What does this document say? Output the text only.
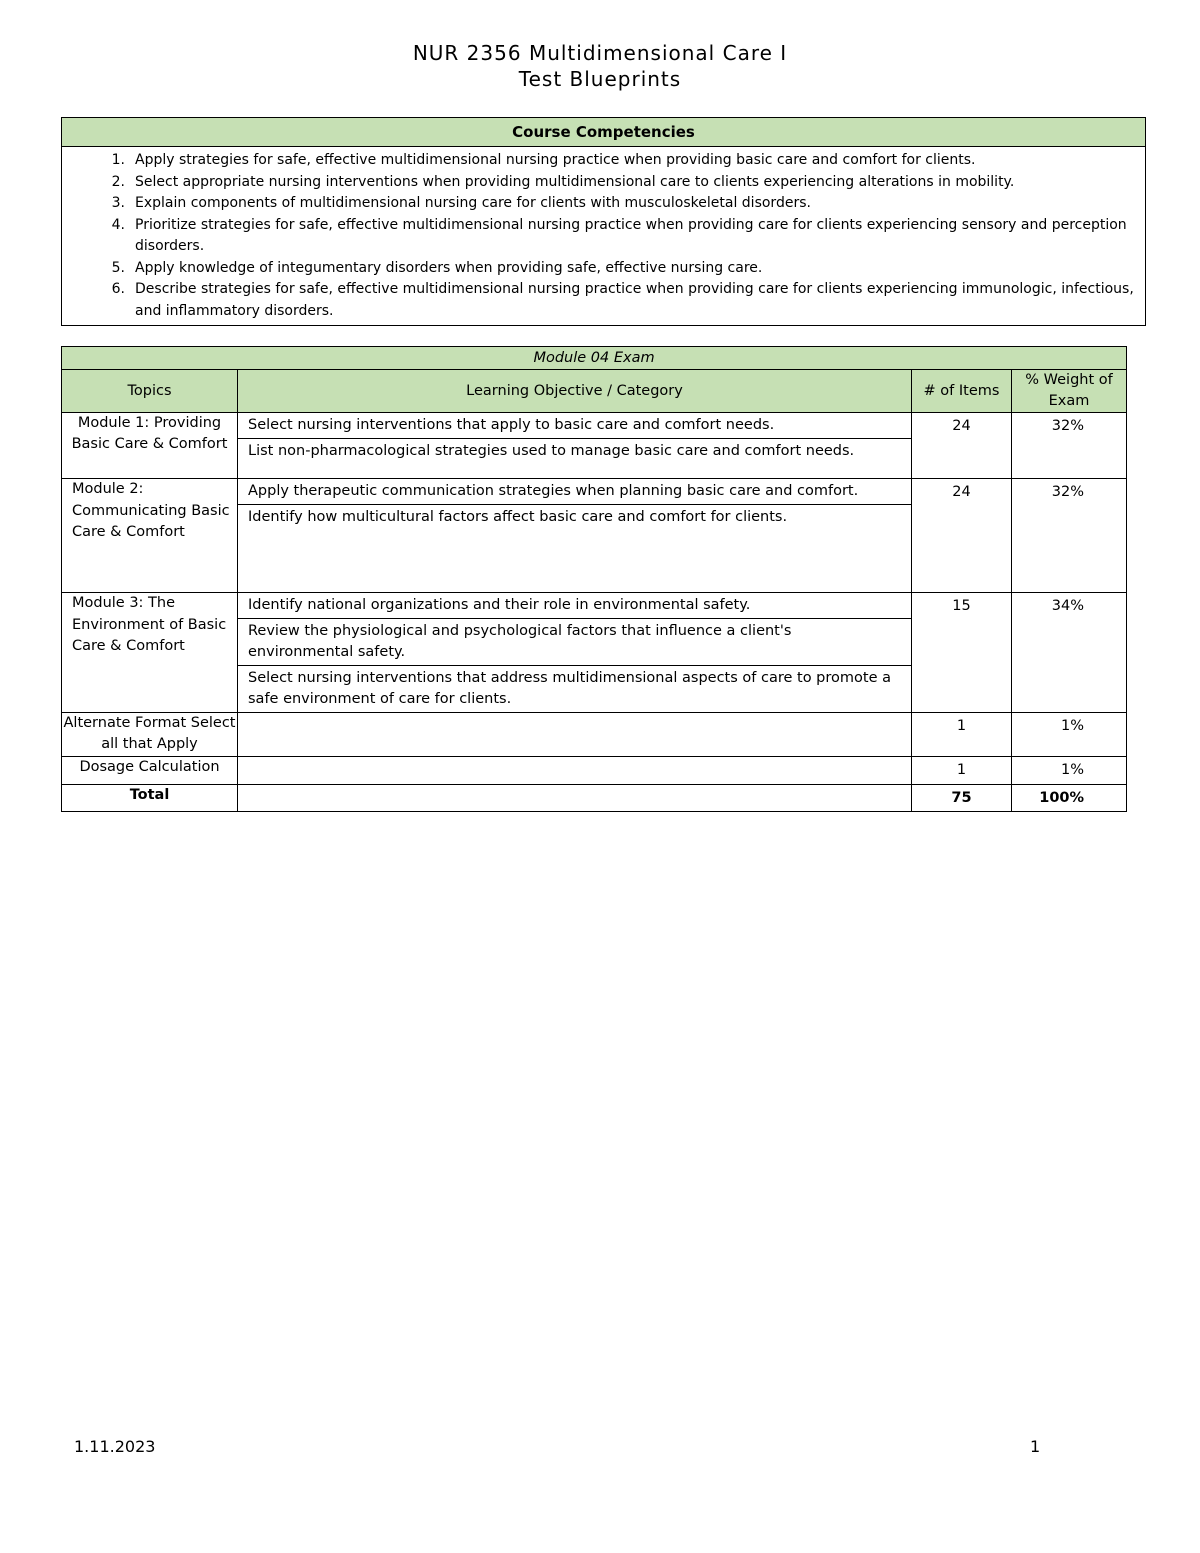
NUR 2356 Multidimensional Care I
Test Blueprints
Course Competencies

1. Apply strategies for safe, effective multidimensional nursing practice when providing basic care and comfort for clients.
2. Select appropriate nursing interventions when providing multidimensional care to clients experiencing alterations in mobility.
3. Explain components of multidimensional nursing care for clients with musculoskeletal disorders.
4. Prioritize strategies for safe, effective multidimensional nursing practice when providing care for clients experiencing sensory and perception disorders.
5. Apply knowledge of integumentary disorders when providing safe, effective nursing care.
6. Describe strategies for safe, effective multidimensional nursing practice when providing care for clients experiencing immunologic, infectious, and inflammatory disorders.
Module 04 Exam			
Topics	Learning Objective / Category	# of Items	% Weight of Exam
Module 1: Providing Basic Care & Comfort	Select nursing interventions that apply to basic care and comfort needs.
List non-pharmacological strategies used to manage basic care and comfort needs.	24	32%
Module 2: Communicating Basic Care & Comfort	Apply therapeutic communication strategies when planning basic care and comfort.
Identify how multicultural factors affect basic care and comfort for clients.	24	32%
Module 3: The Environment of Basic Care & Comfort	Identify national organizations and their role in environmental safety.
Review the physiological and psychological factors that influence a client's environmental safety.
Select nursing interventions that address multidimensional aspects of care to promote a safe environment of care for clients.	15	34%
Alternate Format Select all that Apply		1	1%
Dosage Calculation		1	1%
Total		75	100%
1.11.2023	1
